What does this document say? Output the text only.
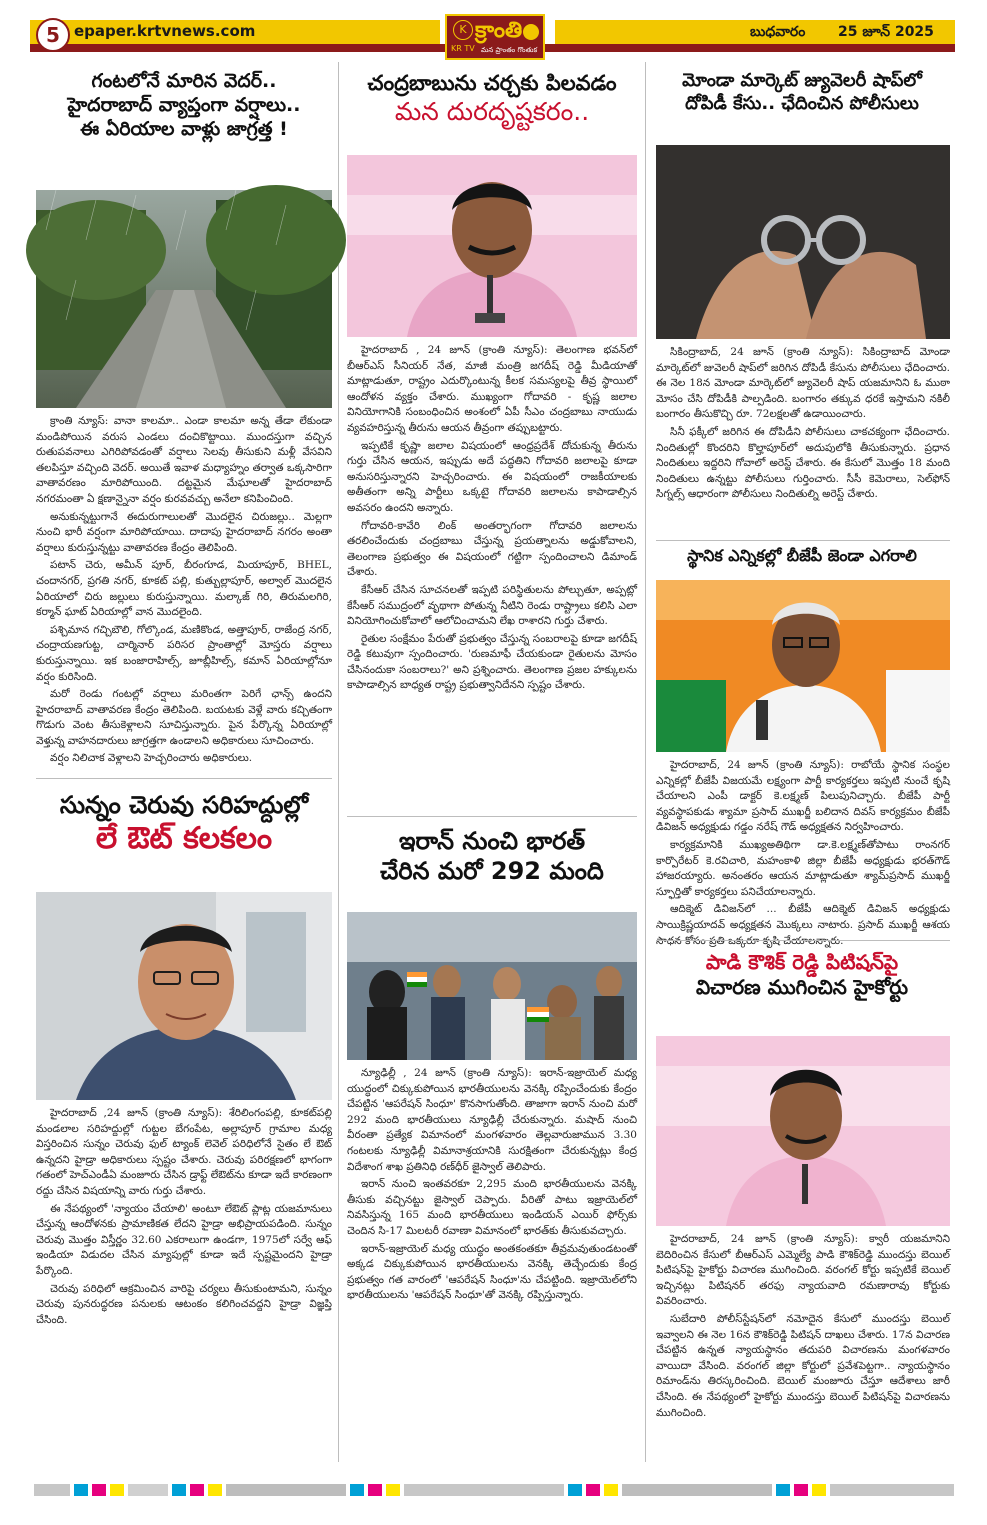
5 epaper.krtvnews.com	K
KR TV
క్రాంతి
మన ప్రాంతం గొంతుక
బుధవారం 25 జూన్ 2025
గంటలోనే మారిన వెదర్..
హైదరాబాద్ వ్యాప్తంగా వర్షాలు..
ఈ ఏరియాల వాళ్లు జాగ్రత్త !

క్రాంతి న్యూస్: వానా కాలమా.. ఎండా కాలమా అన్న తేడా లేకుండా మండిపోయిన వరుస ఎండలు దంచికొట్టాయి. ముందస్తుగా వచ్చిన రుతుపవనాలు ఎగిరిపోవడంతో వర్షాలు సెలవు తీసుకుని మళ్లీ వేసవిని తలపిస్తూ వచ్చింది వెదర్. అయితే ఇవాళ మధ్యాహ్నం తర్వాత ఒక్కసారిగా వాతావరణం మారిపోయింది. దట్టమైన మేఘాలతో హైదరాబాద్ నగరమంతా ఏ క్షణాన్నైనా వర్షం కురవవచ్చు అనేలా కనిపించింది.

అనుకున్నట్టుగానే ఈదురుగాలులతో మొదలైన చిరుజల్లు.. మెల్లగా నుంచి భారీ వర్షంగా మారిపోయాయి. దాదాపు హైదరాబాద్ నగరం అంతా వర్షాలు కురుస్తున్నట్టు వాతావరణ కేంద్రం తెలిపింది.

పటాన్ చెరు, అమీన్ పూర్, బీరంగూడ, మియాపూర్, BHEL, చందానగర్, ప్రగతి నగర్, కూకట్ పల్లి, కుత్బుల్లాపూర్, అల్వాల్ మొదలైన ఏరియాలో చిరు జల్లులు కురుస్తున్నాయి. మల్కాజ్ గిరి, తిరుమలగిరి, కర్మాన్ ఘాట్ ఏరియాల్లో వాన మొదలైంది.

పశ్చిమాన గచ్చిబౌలి, గోల్కొండ, మణికొండ, అత్తాపూర్, రాజేంద్ర నగర్, చంద్రాయణగుట్ట, చార్మినార్ పరిసర ప్రాంతాల్లో మోస్తరు వర్షాలు కురుస్తున్నాయి. ఇక బంజారాహిల్స్, జూబ్లీహిల్స్, కమాన్ ఏరియాల్లోనూ వర్షం కురిసింది.

మరో రెండు గంటల్లో వర్షాలు మరింతగా పెరిగే ఛాన్స్ ఉందని హైదరాబాద్ వాతావరణ కేంద్రం తెలిపింది. బయటకు వెళ్లే వారు కచ్చితంగా గొడుగు వెంట తీసుకెళ్లాలని సూచిస్తున్నారు. పైన పేర్కొన్న ఏరియాల్లో వెళ్తున్న వాహనదారులు జాగ్రత్తగా ఉండాలని అధికారులు సూచించారు.

వర్షం నిలిచాక వెళ్లాలని హెచ్చరించారు అధికారులు.

సున్నం చెరువు సరిహద్దుల్లో
లే ఔట్ కలకలం

హైదరాబాద్ ,24 జూన్ (క్రాంతి న్యూస్): శేరిలింగంపల్లి, కూకట్‌పల్లి మండలాల సరిహద్దుల్లో గుట్టల బేగంపేట, అల్లాపూర్ గ్రామాల మధ్య విస్తరించిన సున్నం చెరువు ఫుల్ ట్యాంక్ లెవెల్ పరిధిలోనే సైతం లే ఔట్ ఉన్నదని హైడ్రా అధికారులు స్పష్టం చేశారు. చెరువు పరిరక్షణలో భాగంగా గతంలో హెచ్ఎండీఏ మంజూరు చేసిన డ్రాఫ్ట్ లేఔట్‌ను కూడా ఇదే కారణంగా రద్దు చేసిన విషయాన్ని వారు గుర్తు చేశారు.

ఈ నేపథ్యంలో 'న్యాయం చేయాలి' అంటూ లేఔట్ ప్లాట్ల యజమానులు చేస్తున్న ఆందోళనకు ప్రామాణికత లేదని హైడ్రా అభిప్రాయపడింది. సున్నం చెరువు మొత్తం విస్తీర్ణం 32.60 ఎకరాలుగా ఉండగా, 1975లో సర్వే ఆఫ్ ఇండియా విడుదల చేసిన మ్యాపుల్లో కూడా ఇదే స్పష్టమైందని హైడ్రా పేర్కొంది.

చెరువు పరిధిలో ఆక్రమించిన వారిపై చర్యలు తీసుకుంటామని, సున్నం చెరువు పునరుద్ధరణ పనులకు ఆటంకం కలిగించవద్దని హైడ్రా విజ్ఞప్తి చేసింది.

చంద్రబాబును చర్చకు పిలవడం
మన దురదృష్టకరం..

హైదరాబాద్ , 24 జూన్ (క్రాంతి న్యూస్): తెలంగాణ భవన్‌లో బీఆర్ఎస్ సీనియర్ నేత, మాజీ మంత్రి జగదీష్ రెడ్డి మీడియాతో మాట్లాడుతూ, రాష్ట్రం ఎదుర్కొంటున్న కీలక సమస్యలపై తీవ్ర స్థాయిలో ఆందోళన వ్యక్తం చేశారు. ముఖ్యంగా గోదావరి - కృష్ణ జలాల వినియోగానికి సంబంధించిన అంశంలో ఏపీ సీఎం చంద్రబాబు నాయుడు వ్యవహరిస్తున్న తీరును ఆయన తీవ్రంగా తప్పుబట్టారు.

ఇప్పటికే కృష్ణా జలాల విషయంలో ఆంధ్రప్రదేశ్ దోచుకున్న తీరును గుర్తు చేసిన ఆయన, ఇప్పుడు అదే పద్ధతిని గోదావరి జలాలపై కూడా అనుసరిస్తున్నారని హెచ్చరించారు. ఈ విషయంలో రాజకీయాలకు అతీతంగా అన్ని పార్టీలు ఒక్కటై గోదావరి జలాలను కాపాడాల్సిన అవసరం ఉందని అన్నారు.

గోదావరి-కావేరి లింక్ అంతర్భాగంగా గోదావరి జలాలను తరలించేందుకు చంద్రబాబు చేస్తున్న ప్రయత్నాలను అడ్డుకోవాలని, తెలంగాణ ప్రభుత్వం ఈ విషయంలో గట్టిగా స్పందించాలని డిమాండ్ చేశారు.

కేసీఆర్ చేసిన సూచనలతో ఇప్పటి పరిస్థితులను పోల్చుతూ, అప్పట్లో కేసీఆర్ సముద్రంలో వృథాగా పోతున్న నీటిని రెండు రాష్ట్రాలు కలిసి ఎలా వినియోగించుకోవాలో ఆలోచించామని లేఖ రాశారని గుర్తు చేశారు.

రైతుల సంక్షేమం పేరుతో ప్రభుత్వం చేస్తున్న సంబరాలపై కూడా జగదీష్ రెడ్డి కటువుగా స్పందించారు. 'రుణమాఫీ చేయకుండా రైతులను మోసం చేసినందుకా సంబరాలు?' అని ప్రశ్నించారు. తెలంగాణ ప్రజల హక్కులను కాపాడాల్సిన బాధ్యత రాష్ట్ర ప్రభుత్వానిదేనని స్పష్టం చేశారు.

ఇరాన్ నుంచి భారత్
చేరిన మరో 292 మంది

న్యూఢిల్లీ , 24 జూన్ (క్రాంతి న్యూస్): ఇరాన్-ఇజ్రాయెల్ మధ్య యుద్ధంలో చిక్కుకుపోయిన భారతీయులను వెనక్కి రప్పించేందుకు కేంద్రం చేపట్టిన 'ఆపరేషన్ సింధూ' కొనసాగుతోంది. తాజాగా ఇరాన్ నుంచి మరో 292 మంది భారతీయులు న్యూఢిల్లీ చేరుకున్నారు. మషాద్ నుంచి వీరంతా ప్రత్యేక విమానంలో మంగళవారం తెల్లవారుజామున 3.30 గంటలకు న్యూఢిల్లీ విమానాశ్రయానికి సురక్షితంగా చేరుకున్నట్లు కేంద్ర విదేశాంగ శాఖ ప్రతినిధి రణ్‌ధీర్ జైస్వాల్ తెలిపారు.

ఇరాన్ నుంచి ఇంతవరకూ 2,295 మంది భారతీయులను వెనక్కి తీసుకు వచ్చినట్టు జైస్వాల్ చెప్పారు. వీరితో పాటు ఇజ్రాయెల్‌లో నివసిస్తున్న 165 మంది భారతీయులు ఇండియన్ ఎయిర్ ఫోర్స్‌కు చెందిన సి-17 మిలటరీ రవాణా విమానంలో భారత్‌కు తీసుకువచ్చారు.

ఇరాన్-ఇజ్రాయెల్ మధ్య యుద్ధం అంతకంతకూ తీవ్రమవుతుండటంతో అక్కడ చిక్కుకుపోయిన భారతీయులను వెనక్కి తెచ్చేందుకు కేంద్ర ప్రభుత్వం గత వారంలో 'ఆపరేషన్ సింధూ'ను చేపట్టింది. ఇజ్రాయెల్‌లోని భారతీయులను 'ఆపరేషన్ సింధూ'తో వెనక్కి రప్పిస్తున్నారు.

మోండా మార్కెట్ జ్యువెలరీ షాప్‌లో
దోపిడీ కేసు.. ఛేదించిన పోలీసులు

సికింద్రాబాద్, 24 జూన్ (క్రాంతి న్యూస్): సికింద్రాబాద్ మోండా మార్కెట్‌లో జువెలరీ షాప్‌లో జరిగిన దోపిడీ కేసును పోలీసులు ఛేదించారు. ఈ నెల 18న మోండా మార్కెట్‌లో జ్యువెలరీ షాప్ యజమానిని ఓ ముఠా మోసం చేసి దోపిడీకి పాల్పడింది. బంగారం తక్కువ ధరకే ఇస్తామని నకిలీ బంగారం తీసుకొచ్చి రూ. 72లక్షలతో ఉడాయించారు.

సినీ ఫక్కీలో జరిగిన ఈ దోపిడీని పోలీసులు చాకచక్యంగా ఛేదించారు. నిందితుల్లో కొందరిని కొల్హాపూర్‌లో అదుపులోకి తీసుకున్నారు. ప్రధాన నిందితులు ఇద్దరిని గోవాలో అరెస్ట్ చేశారు. ఈ కేసులో మొత్తం 18 మంది నిందితులు ఉన్నట్టు పోలీసులు గుర్తించారు. సీసీ కెమెరాలు, సెల్‌ఫోన్ సిగ్నల్స్ ఆధారంగా పోలీసులు నిందితుల్ని అరెస్ట్ చేశారు.

స్థానిక ఎన్నికల్లో బీజేపీ జెండా ఎగరాలి

హైదరాబాద్, 24 జూన్ (క్రాంతి న్యూస్): రాబోయే స్థానిక సంస్థల ఎన్నికల్లో బీజేపీ విజయమే లక్ష్యంగా పార్టీ కార్యకర్తలు ఇప్పటి నుంచే కృషి చేయాలని ఎంపీ డాక్టర్ కె.లక్ష్మణ్ పిలుపునిచ్చారు. బీజేపీ పార్టీ వ్యవస్థాపకుడు శ్యామా ప్రసాద్ ముఖర్జీ బలిదాన దివస్ కార్యక్రమం బీజేపీ డివిజన్ అధ్యక్షుడు గడ్డం నరేష్ గౌడ్ అధ్యక్షతన నిర్వహించారు.

కార్యక్రమానికి ముఖ్యఅతిథిగా డా.కె.లక్ష్మణ్‌తోపాటు రాంనగర్ కార్పొరేటర్ కె.రవిచారి, మహంకాళి జిల్లా బీజేపీ అధ్యక్షుడు భరత్‌గౌడ్ హాజరయ్యారు. అనంతరం ఆయన మాట్లాడుతూ శ్యామ్‌ప్రసాద్ ముఖర్జీ స్ఫూర్తితో కార్యకర్తలు పనిచేయాలన్నారు.

ఆదిక్మెట్ డివిజన్‌లో ... బీజేపీ ఆదిక్మెట్ డివిజన్ అధ్యక్షుడు సాయిక్రిష్ణయాదవ్ అధ్యక్షతన మొక్కలు నాటారు. ప్రసాద్ ముఖర్జీ ఆశయ

పాడి కౌశిక్ రెడ్డి పిటిషన్‌పై
విచారణ ముగించిన హైకోర్టు

హైదరాబాద్, 24 జూన్ (క్రాంతి న్యూస్): క్వారీ యజమానిని బెదిరించిన కేసులో బీఆర్ఎస్ ఎమ్మెల్యే పాడి కౌశిక్‌రెడ్డి ముందస్తు బెయిల్ పిటిషన్‌పై హైకోర్టు విచారణ ముగించింది. వరంగల్ కోర్టు ఇప్పటికే బెయిల్ ఇచ్చినట్లు పిటిషనర్ తరఫు న్యాయవాది రమణారావు కోర్టుకు వివరించారు.

సుబేదారి పోలీస్‌స్టేషన్‌లో నమోదైన కేసులో ముందస్తు బెయిల్ ఇవ్వాలని ఈ నెల 16న కౌశిక్‌రెడ్డి పిటిషన్ దాఖలు చేశారు. 17న విచారణ చేపట్టిన ఉన్నత న్యాయస్థానం తదుపరి విచారణను మంగళవారం వాయిదా వేసింది. వరంగల్ జిల్లా కోర్టులో ప్రవేశపెట్టగా.. న్యాయస్థానం రిమాండ్‌ను తిరస్కరించింది. బెయిల్ మంజూరు చేస్తూ ఆదేశాలు జారీ చేసింది. ఈ నేపథ్యంలో హైకోర్టు ముందస్తు బెయిల్ పిటిషన్‌పై విచారణను ముగించింది.
